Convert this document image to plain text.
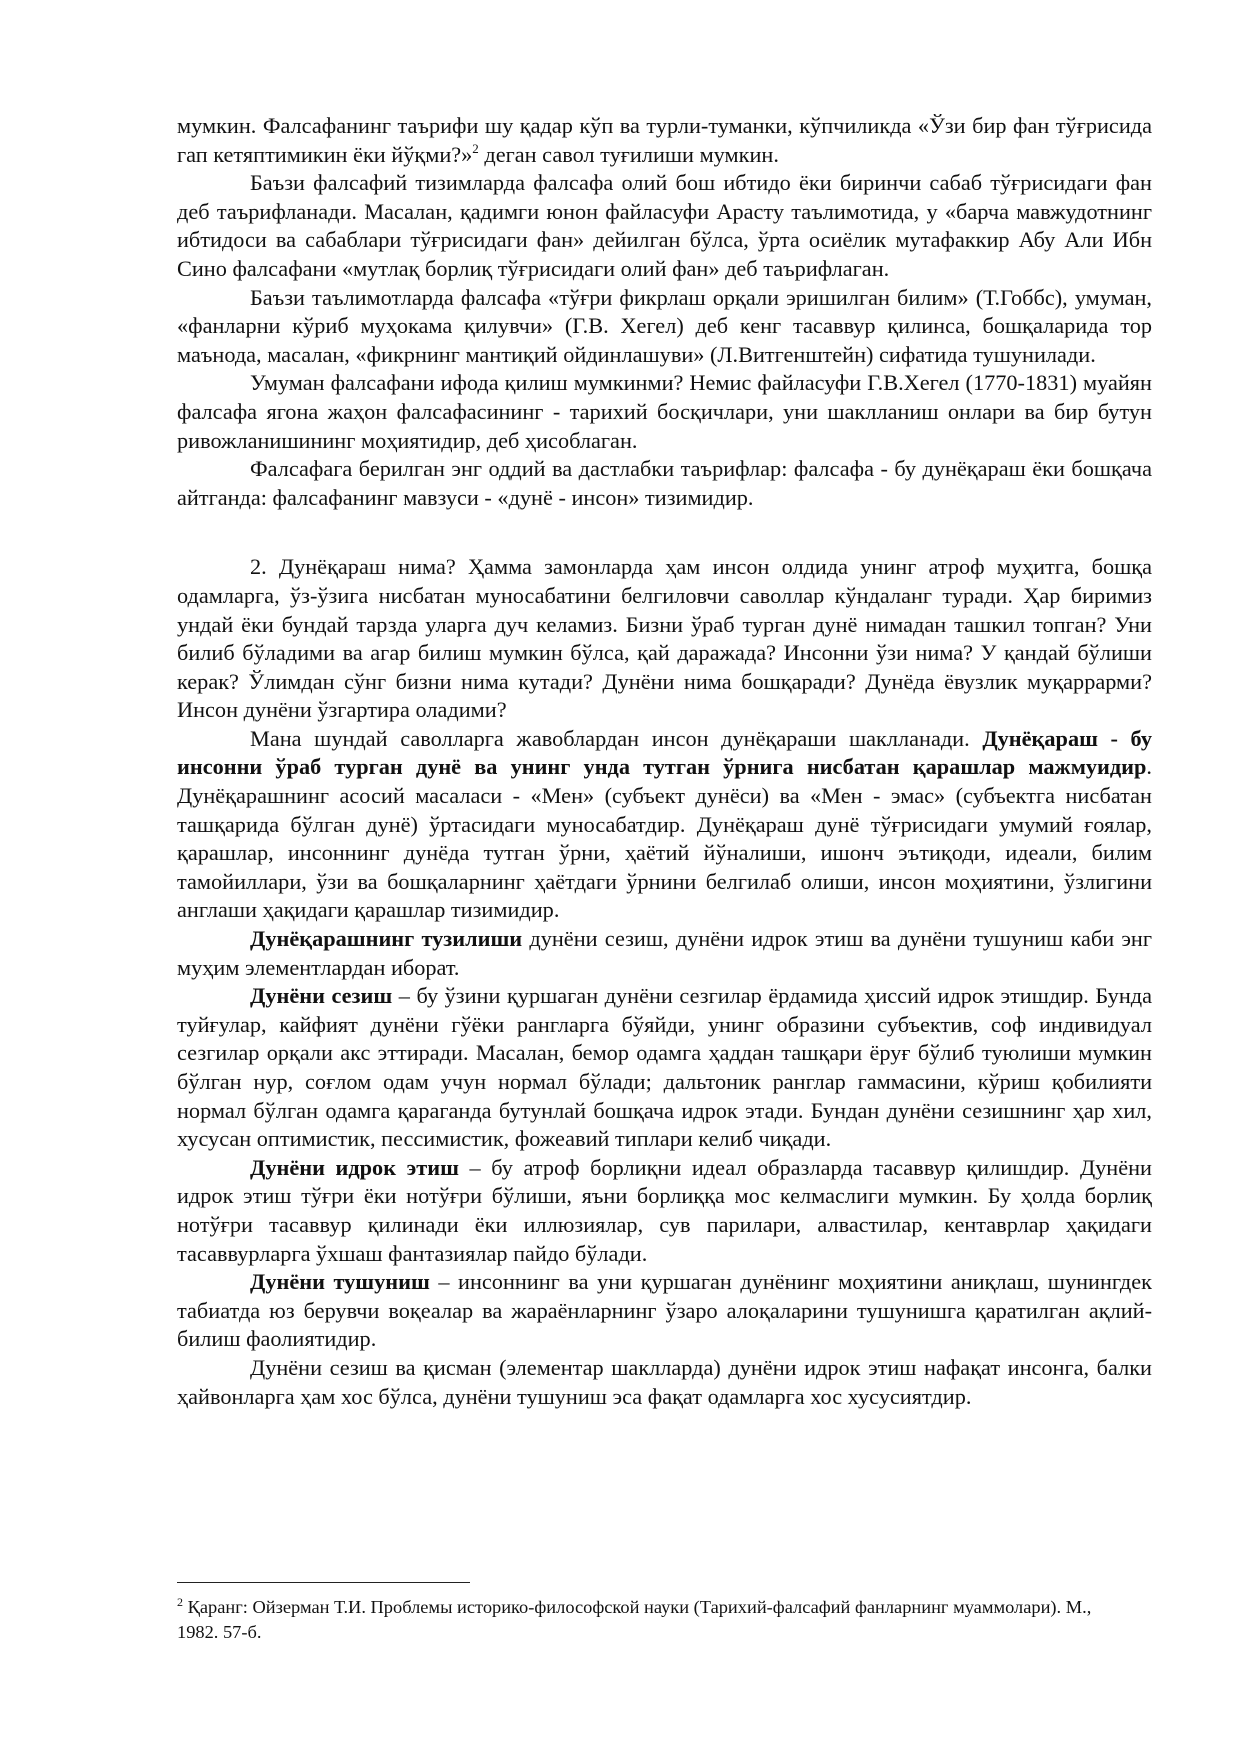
мумкин. Фалсафанинг таърифи шу қадар кўп ва турли-туманки, кўпчиликда «Ўзи бир фан тўғрисида гап кетяптимикин ёки йўқми?»$^2$ деган савол туғилиши мумкин.

Баъзи фалсафий тизимларда фалсафа олий бош ибтидо ёки биринчи сабаб тўғрисидаги фан деб таърифланади. Масалан, қадимги юнон файласуфи Арасту таълимотида, у «барча мавжудотнинг ибтидоси ва сабаблари тўғрисидаги фан» дейилган бўлса, ўрта осиёлик мутафаккир Абу Али Ибн Сино фалсафани «мутлақ борлиқ тўғрисидаги олий фан» деб таърифлаган.

Баъзи таълимотларда фалсафа «тўғри фикрлаш орқали эришилган билим» (Т.Гоббс), умуман, «фанларни кўриб муҳокама қилувчи» (Г.В. Хегел) деб кенг тасаввур қилинса, бошқаларида тор маънода, масалан, «фикрнинг мантиқий ойдинлашуви» (Л.Витгенштейн) сифатида тушунилади.

Умуман фалсафани ифода қилиш мумкинми? Немис файласуфи Г.В.Хегел (1770-1831) муайян фалсафа ягона жаҳон фалсафасининг - тарихий босқичлари, уни шаклланиш онлари ва бир бутун ривожланишининг моҳиятидир, деб ҳисоблаган.

Фалсафага берилган энг оддий ва дастлабки таърифлар: фалсафа - бу дунёқараш ёки бошқача айтганда: фалсафанинг мавзуси - «дунё - инсон» тизимидир.

2. Дунёқараш нима? Ҳамма замонларда ҳам инсон олдида унинг атроф муҳитга, бошқа одамларга, ўз-ўзига нисбатан муносабатини белгиловчи саволлар кўндаланг туради. Ҳар биримиз ундай ёки бундай тарзда уларга дуч келамиз. Бизни ўраб турган дунё нимадан ташкил топган? Уни билиб бўладими ва агар билиш мумкин бўлса, қай даражада? Инсонни ўзи нима? У қандай бўлиши керак? Ўлимдан сўнг бизни нима кутади? Дунёни нима бошқаради? Дунёда ёвузлик муқаррарми? Инсон дунёни ўзгартира оладими?

Мана шундай саволларга жавоблардан инсон дунёқараши шаклланади. Дунёқараш - бу инсонни ўраб турган дунё ва унинг унда тутган ўрнига нисбатан қарашлар мажмуидир. Дунёқарашнинг асосий масаласи - «Мен» (субъект дунёси) ва «Мен - эмас» (субъектга нисбатан ташқарида бўлган дунё) ўртасидаги муносабатдир. Дунёқараш дунё тўғрисидаги умумий ғоялар, қарашлар, инсоннинг дунёда тутган ўрни, ҳаётий йўналиши, ишонч эътиқоди, идеали, билим тамойиллари, ўзи ва бошқаларнинг ҳаётдаги ўрнини белгилаб олиши, инсон моҳиятини, ўзлигини англаши ҳақидаги қарашлар тизимидир.

Дунёқарашнинг тузилиши дунёни сезиш, дунёни идрок этиш ва дунёни тушуниш каби энг муҳим элементлардан иборат.

Дунёни сезиш – бу ўзини қуршаган дунёни сезгилар ёрдамида ҳиссий идрок этишдир. Бунда туйғулар, кайфият дунёни гўёки рангларга бўяйди, унинг образини субъектив, соф индивидуал сезгилар орқали акс эттиради. Масалан, бемор одамга ҳаддан ташқари ёруғ бўлиб туюлиши мумкин бўлган нур, соғлом одам учун нормал бўлади; дальтоник ранглар гаммасини, кўриш қобилияти нормал бўлган одамга қараганда бутунлай бошқача идрок этади. Бундан дунёни сезишнинг ҳар хил, хусусан оптимистик, пессимистик, фожеавий типлари келиб чиқади.

Дунёни идрок этиш – бу атроф борлиқни идеал образларда тасаввур қилишдир. Дунёни идрок этиш тўғри ёки нотўғри бўлиши, яъни борлиққа мос келмаслиги мумкин. Бу ҳолда борлиқ нотўғри тасаввур қилинади ёки иллюзиялар, сув парилари, алвастилар, кентаврлар ҳақидаги тасаввурларга ўхшаш фантазиялар пайдо бўлади.

Дунёни тушуниш – инсоннинг ва уни қуршаган дунёнинг моҳиятини аниқлаш, шунингдек табиатда юз берувчи воқеалар ва жараёнларнинг ўзаро алоқаларини тушунишга қаратилган ақлий-билиш фаолиятидир.

Дунёни сезиш ва қисман (элементар шаклларда) дунёни идрок этиш нафақат инсонга, балки ҳайвонларга ҳам хос бўлса, дунёни тушуниш эса фақат одамларга хос хусусиятдир.

$^2$ Қаранг: Ойзерман Т.И. Проблемы историко-философской науки (Тарихий-фалсафий фанларнинг муаммолари). М., 1982. 57-б.
